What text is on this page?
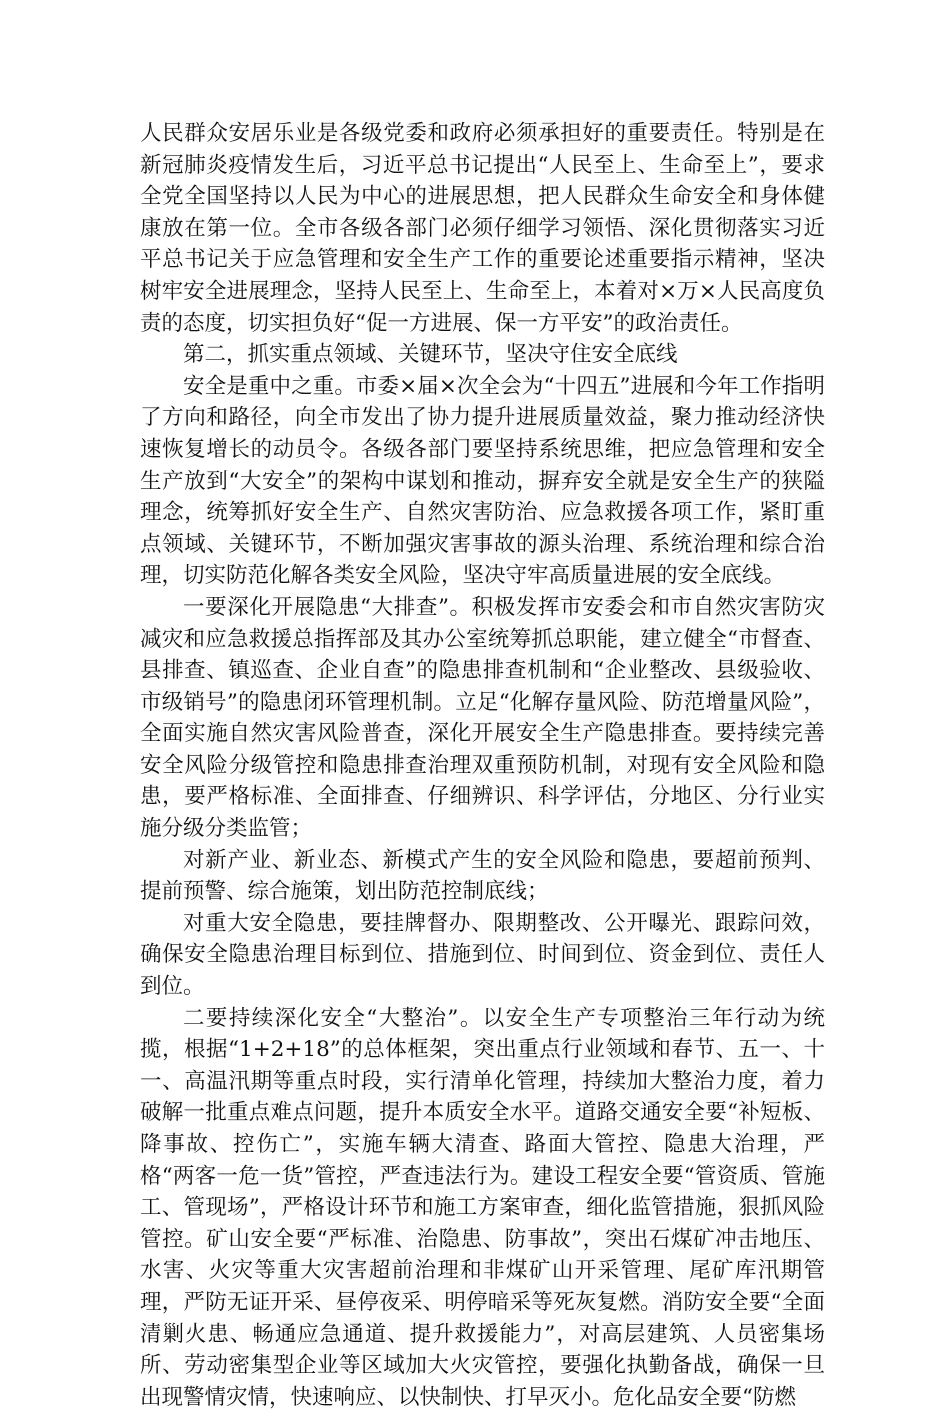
人民群众安居乐业是各级党委和政府必须承担好的重要责任。特别是在新冠肺炎疫情发生后，习近平总书记提出“人民至上、生命至上”，要求全党全国坚持以人民为中心的进展思想，把人民群众生命安全和身体健康放在第一位。全市各级各部门必须仔细学习领悟、深化贯彻落实习近平总书记关于应急管理和安全生产工作的重要论述重要指示精神，坚决树牢安全进展理念，坚持人民至上、生命至上，本着对×万×人民高度负责的态度，切实担负好“促一方进展、保一方平安”的政治责任。

第二，抓实重点领域、关键环节，坚决守住安全底线

安全是重中之重。市委×届×次全会为“十四五”进展和今年工作指明了方向和路径，向全市发出了协力提升进展质量效益，聚力推动经济快速恢复增长的动员令。各级各部门要坚持系统思维，把应急管理和安全生产放到“大安全”的架构中谋划和推动，摒弃安全就是安全生产的狭隘理念，统筹抓好安全生产、自然灾害防治、应急救援各项工作，紧盯重点领域、关键环节，不断加强灾害事故的源头治理、系统治理和综合治理，切实防范化解各类安全风险，坚决守牢高质量进展的安全底线。

一要深化开展隐患“大排查”。积极发挥市安委会和市自然灾害防灾减灾和应急救援总指挥部及其办公室统筹抓总职能，建立健全“市督查、县排查、镇巡查、企业自查”的隐患排查机制和“企业整改、县级验收、市级销号”的隐患闭环管理机制。立足“化解存量风险、防范增量风险”，全面实施自然灾害风险普查，深化开展安全生产隐患排查。要持续完善安全风险分级管控和隐患排查治理双重预防机制，对现有安全风险和隐患，要严格标准、全面排查、仔细辨识、科学评估，分地区、分行业实施分级分类监管；

对新产业、新业态、新模式产生的安全风险和隐患，要超前预判、提前预警、综合施策，划出防范控制底线；

对重大安全隐患，要挂牌督办、限期整改、公开曝光、跟踪问效，确保安全隐患治理目标到位、措施到位、时间到位、资金到位、责任人到位。

二要持续深化安全“大整治”。以安全生产专项整治三年行动为统揽，根据“1+2+18”的总体框架，突出重点行业领域和春节、五一、十一、高温汛期等重点时段，实行清单化管理，持续加大整治力度，着力破解一批重点难点问题，提升本质安全水平。道路交通安全要“补短板、降事故、控伤亡”，实施车辆大清查、路面大管控、隐患大治理，严格“两客一危一货”管控，严查违法行为。建设工程安全要“管资质、管施工、管现场”，严格设计环节和施工方案审查，细化监管措施，狠抓风险管控。矿山安全要“严标准、治隐患、防事故”，突出石煤矿冲击地压、水害、火灾等重大灾害超前治理和非煤矿山开采管理、尾矿库汛期管理，严防无证开采、昼停夜采、明停暗采等死灰复燃。消防安全要“全面清剿火患、畅通应急通道、提升救援能力”，对高层建筑、人员密集场所、劳动密集型企业等区域加大火灾管控，要强化执勤备战，确保一旦出现警情灾情，快速响应、以快制快、打早灭小。危化品安全要“防燃
